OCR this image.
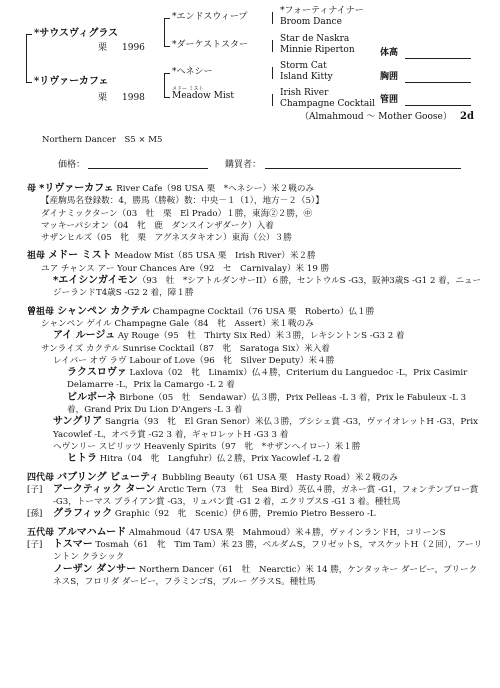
*サウスヴィグラス
栗 1996
*リヴァーカフェ
栗 1998
*エンドスウィープ
*ダーケストスター
*ヘネシー
メドー ミスト
Meadow Mist
*フォーティナイナー
Broom Dance
Star de Naskra
Minnie Riperton
Storm Cat
Island Kitty
Irish River
Champagne Cocktail
（Almahmoud ～ Mother Goose） 2d
体高
胸囲
管囲
Northern Dancer　S5 × M5
価格：	購買者：

母 *リヴァーカフェ River Cafe（98 USA 栗　*ヘネシー）米２戦のみ

【産駒馬名登録数：4，勝馬（勝鞍）数：中央－１（1），地方－２（5）】

ダイナミックターン（03　牡　栗　El Prado）１勝，東海②２勝，㊥

マッキーパシオン（04　牝　鹿　ダンスインザダーク）入着

サザンヒルズ（05　牝　栗　アグネスタキオン）東海（公）３勝

祖母 メドー ミスト Meadow Mist（85 USA 栗　Irish River）米２勝

ユア チャンス アー Your Chances Are（92　セ　Carnivalay）米 19 勝

*エイシンガイモン（93　牡　*シアトルダンサーII）６勝，セントウルS -G3，阪神3歳S -G1 2 着，ニュージーランドT4歳S -G2 2 着，障１勝

曾祖母 シャンペン カクテル Champagne Cocktail（76 USA 栗　Roberto）仏１勝

シャンペン ゲイル Champagne Gale（84　牝　Assert）米１戦のみ

アイ ルージュ Ay Rouge（95　牡　Thirty Six Red）米３勝，レキシントンS -G3 2 着

サンライズ カクテル Sunrise Cocktail（87　牝　Saratoga Six）米入着

レイバー オヴ ラヴ Labour of Love（96　牝　Silver Deputy）米４勝

ラクスロヴァ Laxlova（02　牝　Linamix）仏４勝，Criterium du Languedoc -L，Prix Casimir Delamarre -L，Prix la Camargo -L 2 着

ビルボーネ Birbone（05　牡　Sendawar）仏３勝，Prix Pelleas -L 3 着，Prix le Fabuleux -L 3 着，Grand Prix Du Lion D'Angers -L 3 着

サングリア Sangria（93　牝　El Gran Senor）米仏３勝，プシシェ賞 -G3，ヴァイオレットH -G3，Prix Yacowlef -L，オペラ賞 -G2 3 着，ギャロレットH -G3 3 着

ヘヴンリー スピリッツ Heavenly Spirits（97　牝　*サザンヘイロー）米１勝

ヒトラ Hitra（04　牝　Langfuhr）仏２勝，Prix Yacowlef -L 2 着

四代母 バブリング ビューティ Bubbling Beauty（61 USA 栗　Hasty Road）米２戦のみ

[子] アークティック ターン Arctic Tern（73　牡　Sea Bird）英仏４勝，ガネー賞 -G1，フォンテンブロー賞 -G3，トーマス ブライアン賞 -G3，リュパン賞 -G1 2 着，エクリプスS -G1 3 着。種牡馬

[孫] グラフィック Graphic（92　牝　Scenic）伊６勝，Premio Pietro Bessero -L

五代母 アルマハムード Almahmoud（47 USA 栗　Mahmoud）米４勝，ヴァインランドH，コリーンS

[子] トスマー Tosmah（61　牝　Tim Tam）米 23 勝，ベルダムS，フリゼットS，マスケットH（２回），アーリントン クラシック

ノーザン ダンサー Northern Dancer（61　牡　Nearctic）米 14 勝，ケンタッキー ダービー，プリークネスS，フロリダ ダービー，フラミンゴS，ブルー グラスS。種牡馬
